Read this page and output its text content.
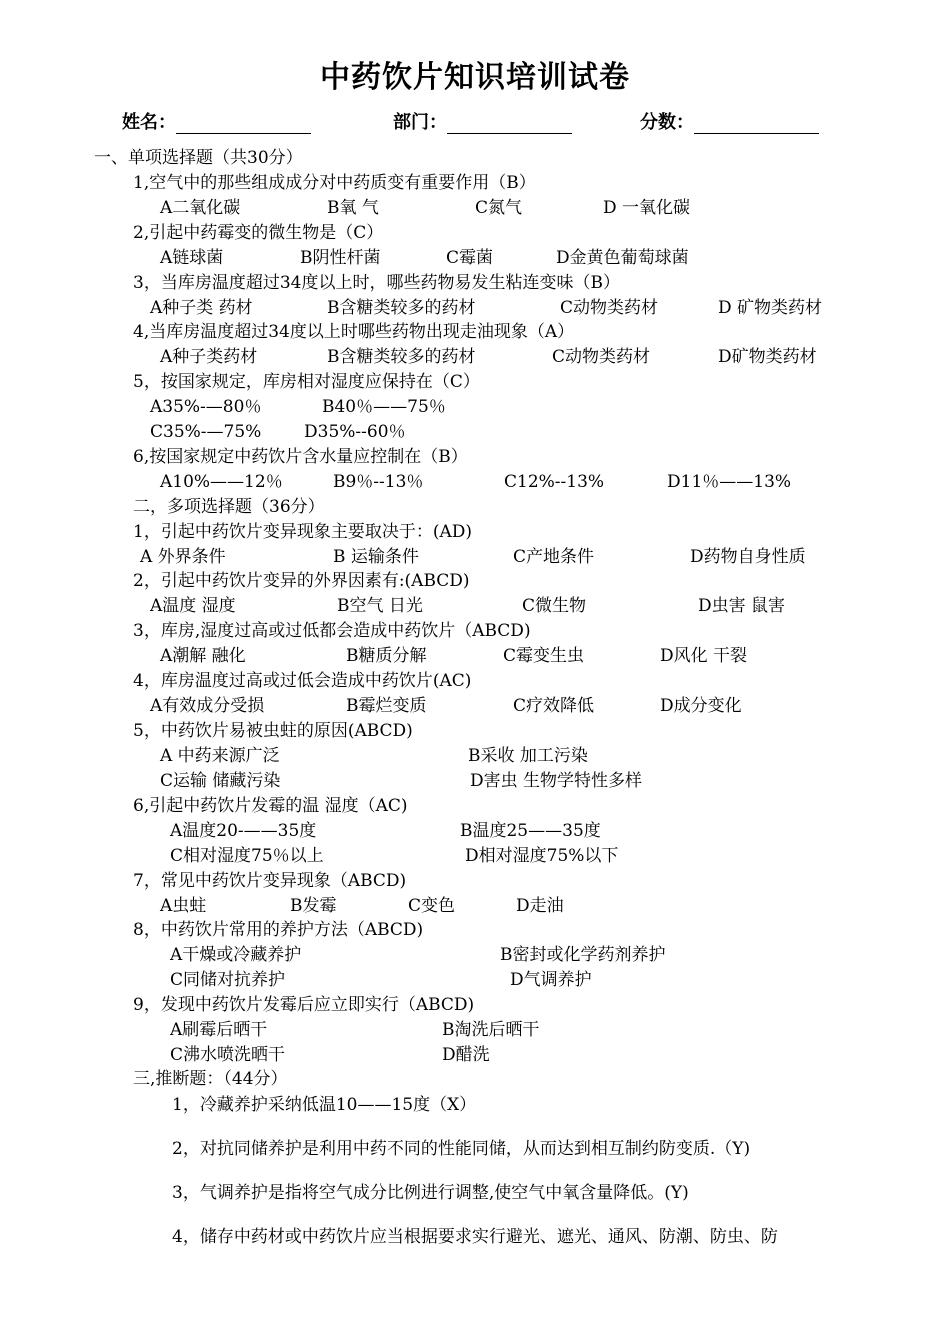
中药饮片知识培训试卷
姓名：	部门：	分数：
一、单项选择题（共30分）
1,空气中的那些组成成分对中药质变有重要作用（B）
A二氧化碳	B氧 气	C氮气	D 一氧化碳
2,引起中药霉变的微生物是（C）
A链球菌	B阴性杆菌	C霉菌	D金黄色葡萄球菌
3，当库房温度超过34度以上时，哪些药物易发生粘连变味（B）
A种子类 药材	B含糖类较多的药材	C动物类药材	D 矿物类药材
4,当库房温度超过34度以上时哪些药物出现走油现象（A）
A种子类药材	B含糖类较多的药材	C动物类药材	D矿物类药材
5，按国家规定，库房相对湿度应保持在（C）
A35%-—80％	B40％——75％
C35%-—75%	D35%--60％
6,按国家规定中药饮片含水量应控制在（B）
A10%——12％	B9％--13％	C12%--13%	D11％——13%
二，多项选择题（36分）
1，引起中药饮片变异现象主要取决于：(AD)
A 外界条件	B 运输条件	C产地条件	D药物自身性质
2，引起中药饮片变异的外界因素有:(ABCD)
A温度 湿度	B空气 日光	C微生物	D虫害 鼠害
3，库房,湿度过高或过低都会造成中药饮片（ABCD)
A潮解 融化	B糖质分解	C霉变生虫	D风化 干裂
4，库房温度过高或过低会造成中药饮片(AC)
A有效成分受损	B霉烂变质	C疗效降低	D成分变化
5，中药饮片易被虫蛀的原因(ABCD)
A 中药来源广泛	B采收 加工污染
C运输 储藏污染	D害虫 生物学特性多样
6,引起中药饮片发霉的温 湿度（AC)
A温度20-——35度	B温度25——35度
C相对湿度75％以上	D相对湿度75%以下
7，常见中药饮片变异现象（ABCD)
A虫蛀	B发霉	C变色	D走油
8，中药饮片常用的养护方法（ABCD)
A干燥或冷藏养护	B密封或化学药剂养护
C同储对抗养护	D气调养护
9，发现中药饮片发霉后应立即实行（ABCD)
A刷霉后晒干	B淘洗后晒干
C沸水喷洗晒干	D醋洗
三,推断题：（44分）
1，冷藏养护采纳低温10——15度（X）
2，对抗同储养护是利用中药不同的性能同储，从而达到相互制约防变质.（Y)
3，气调养护是指将空气成分比例进行调整,使空气中氧含量降低。(Y)
4，储存中药材或中药饮片应当根据要求实行避光、遮光、通风、防潮、防虫、防
